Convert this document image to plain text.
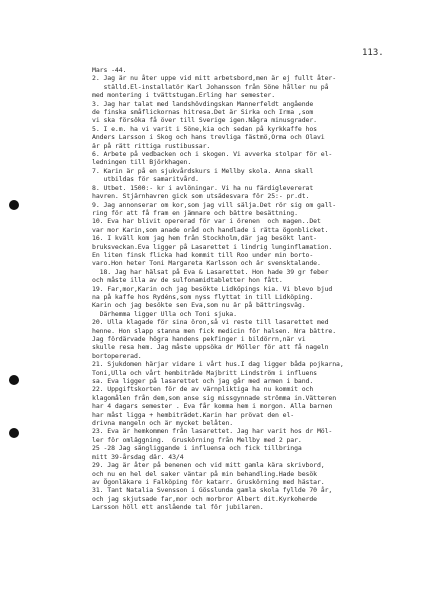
113.
Mars -44.
2. Jag är nu åter uppe vid mitt arbetsbord,men är ej fullt åter-
ställd.El-installatör Karl Johansson från Söne håller nu på
med montering i tvättstugan.Erling har semester.
3. Jag har talat med landshövdingskan Mannerfeldt angående
de finska småflickornas hitresa.Det är Sirka och Irma ,som
vi ska försöka få över till Sverige igen.Några minusgrader.
5. I e.m. ha vi varit i Söne,kia och sedan på kyrkkaffe hos
Anders Larsson i Skog och hans trevliga fästmö,Orma och Olavi
är på rätt rittiga rustibussar.
6. Arbete på vedbacken och i skogen. Vi avverka stolpar för el-
ledningen till Björkhagen.
7. Karin är på en sjukvårdskurs i Mellby skola. Anna skall
utbildas för samaritvård.
8. Utbet. 1500:- kr i avlöningar. Vi ha nu färdiglevererat
havren. Stjärnhavren gick som utsädesvara för 25:- pr.dt.
9. Jag annonserar om kor,som jag vill sälja.Det rör sig om gall-
ring för att få fram en jämnare och bättre besättning.
10. Eva har blivit opererad för var i örenen  och magen..Det
var mor Karin,som anade oråd och handlade i rätta ögonblicket.
16. I kväll kom jag hem från Stockholm,där jag besökt lant-
bruksveckan.Eva ligger på Lasarettet i lindrig lunginflamation.
En liten finsk flicka had kommit till Roo under min borto-
varo.Hon heter Toni Margareta Karlsson och är svensktalande.
18. Jag har hälsat på Eva & Lasarettet. Hon hade 39 gr feber
och måste illa av de sulfonamidtabletter hon fått.
19. Far,mor,Karin och jag besökte Lidköpings kia. Vi blevo bjud
na på kaffe hos Rydéns,som nyss flyttat in till Lidköping.
Karin och jag besökte sen Eva,som nu är på bättringsväg.
Därhemma ligger Ulla och Toni sjuka.
20. Ulla klagade för sina öron,så vi reste till lasarettet med
henne. Hon slapp stanna men fick medicin för halsen. Nra bättre.
Jag fördärvade högra handens pekfinger i bildörrn,när vi
skulle resa hem. Jag måste uppsöka dr Möller för att få nageln
bortopererad.
21. Sjukdomen härjar vidare i vårt hus.I dag ligger båda pojkarna,
Toni,Ulla och vårt hembiträde Majbritt Lindström i influens
sa. Eva ligger på lasarettet och jag går med armen i band.
22. Uppgiftskorten för de av värnpliktiga ha nu kommit och
klagomålen från dem,som anse sig missgynnade strömma in.Vätteren
har 4 dagars semester . Eva får komma hem i morgon. Alla barnen
har måst ligga + hembiträdet.Karin har prövat den el-
drivna mangeln och är mycket belåten.
23. Eva är hemkommen från lasarettet. Jag har varit hos dr Möl-
ler för omläggning.  Gruskörning från Mellby med 2 par.
25 -28 Jag sängliggande i influensa och fick tillbringa
mitt 39-årsdag där. 43/4
29. Jag är åter på benenen och vid mitt gamla kära skrivbord,
och nu en hel del saker väntar på min behandling.Hade besök
av Ögonläkare i Falköping för katarr. Gruskörning med hästar.
31. Tant Natalia Svensson i Gösslunda gamla skola fyllde 70 år,
och jag skjutsade far,mor och morbror Albert dit.Kyrkoherde
Larsson höll ett anslående tal för jubilaren.
